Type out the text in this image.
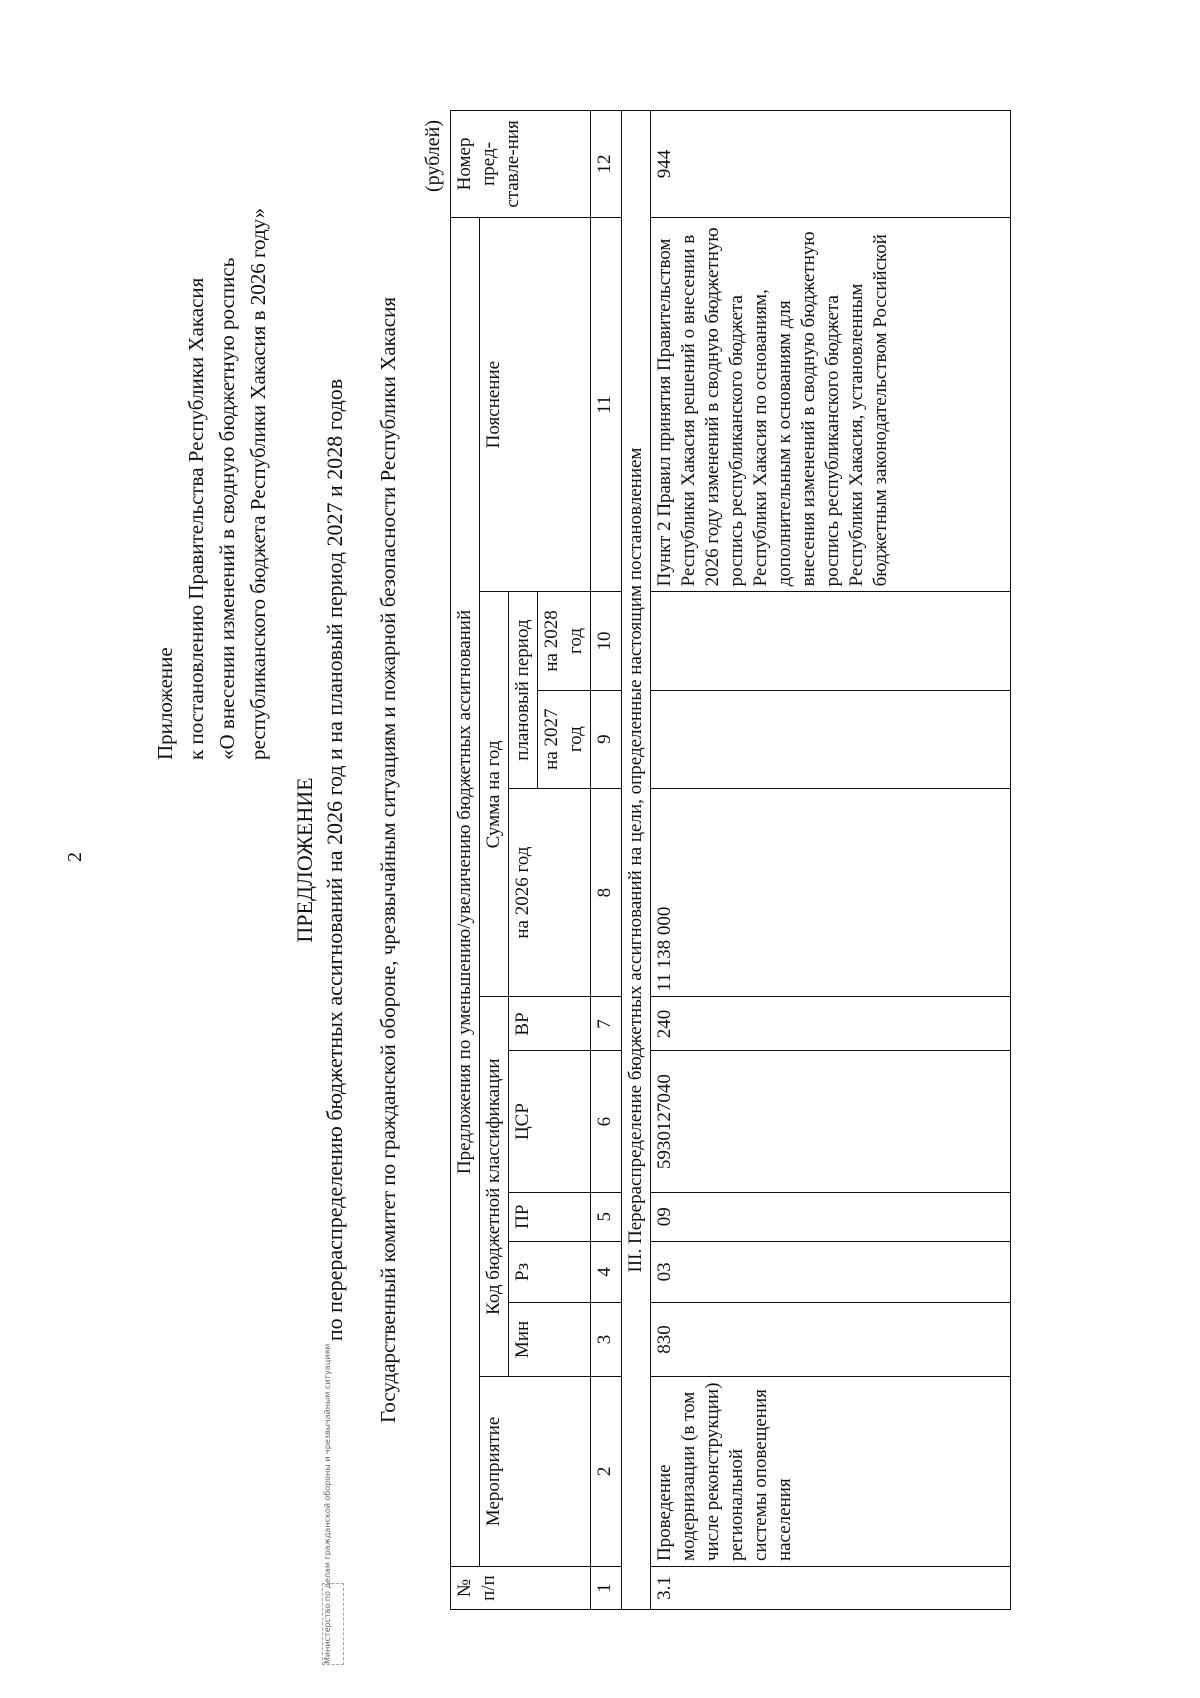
2
Приложение к постановлению Правительства Республики Хакасия «О внесении изменений в сводную бюджетную роспись республиканского бюджета Республики Хакасия в 2026 году»
ПРЕДЛОЖЕНИЕ по перераспределению бюджетных ассигнований на 2026 год и на плановый период 2027 и 2028 годов Государственный комитет по гражданской обороне, чрезвычайным ситуациям и пожарной безопасности Республики Хакасия
(рублей)
№ п/п	Предложения по уменьшению/увеличению бюджетных ассигнований										Номер пред-ставле-ния
	Мероприятие	Код бюджетной классификации					Сумма на год			Пояснение	
		Мин	Рз	ПР	ЦСР	ВР	на 2026 год	плановый период			
								на 2027 год	на 2028 год		
1	2	3	4	5	6	7	8	9	10	11	12
III. Перераспределение бюджетных ассигнований на цели, определенные настоящим постановлением											
3.1	Проведение модернизации (в том числе реконструкции) региональной системы оповещения населения	830	03	09	5930127040	240	11 138 000			Пункт 2 Правил принятия Правительством Республики Хакасия решений о внесении в 2026 году изменений в сводную бюджетную роспись республиканского бюджета Республики Хакасия по основаниям, дополнительным к основаниям для внесения изменений в сводную бюджетную роспись республиканского бюджета Республики Хакасия, установленным бюджетным законодательством Российской	944
Министерство по делам гражданской обороны и чрезвычайным ситуациям
